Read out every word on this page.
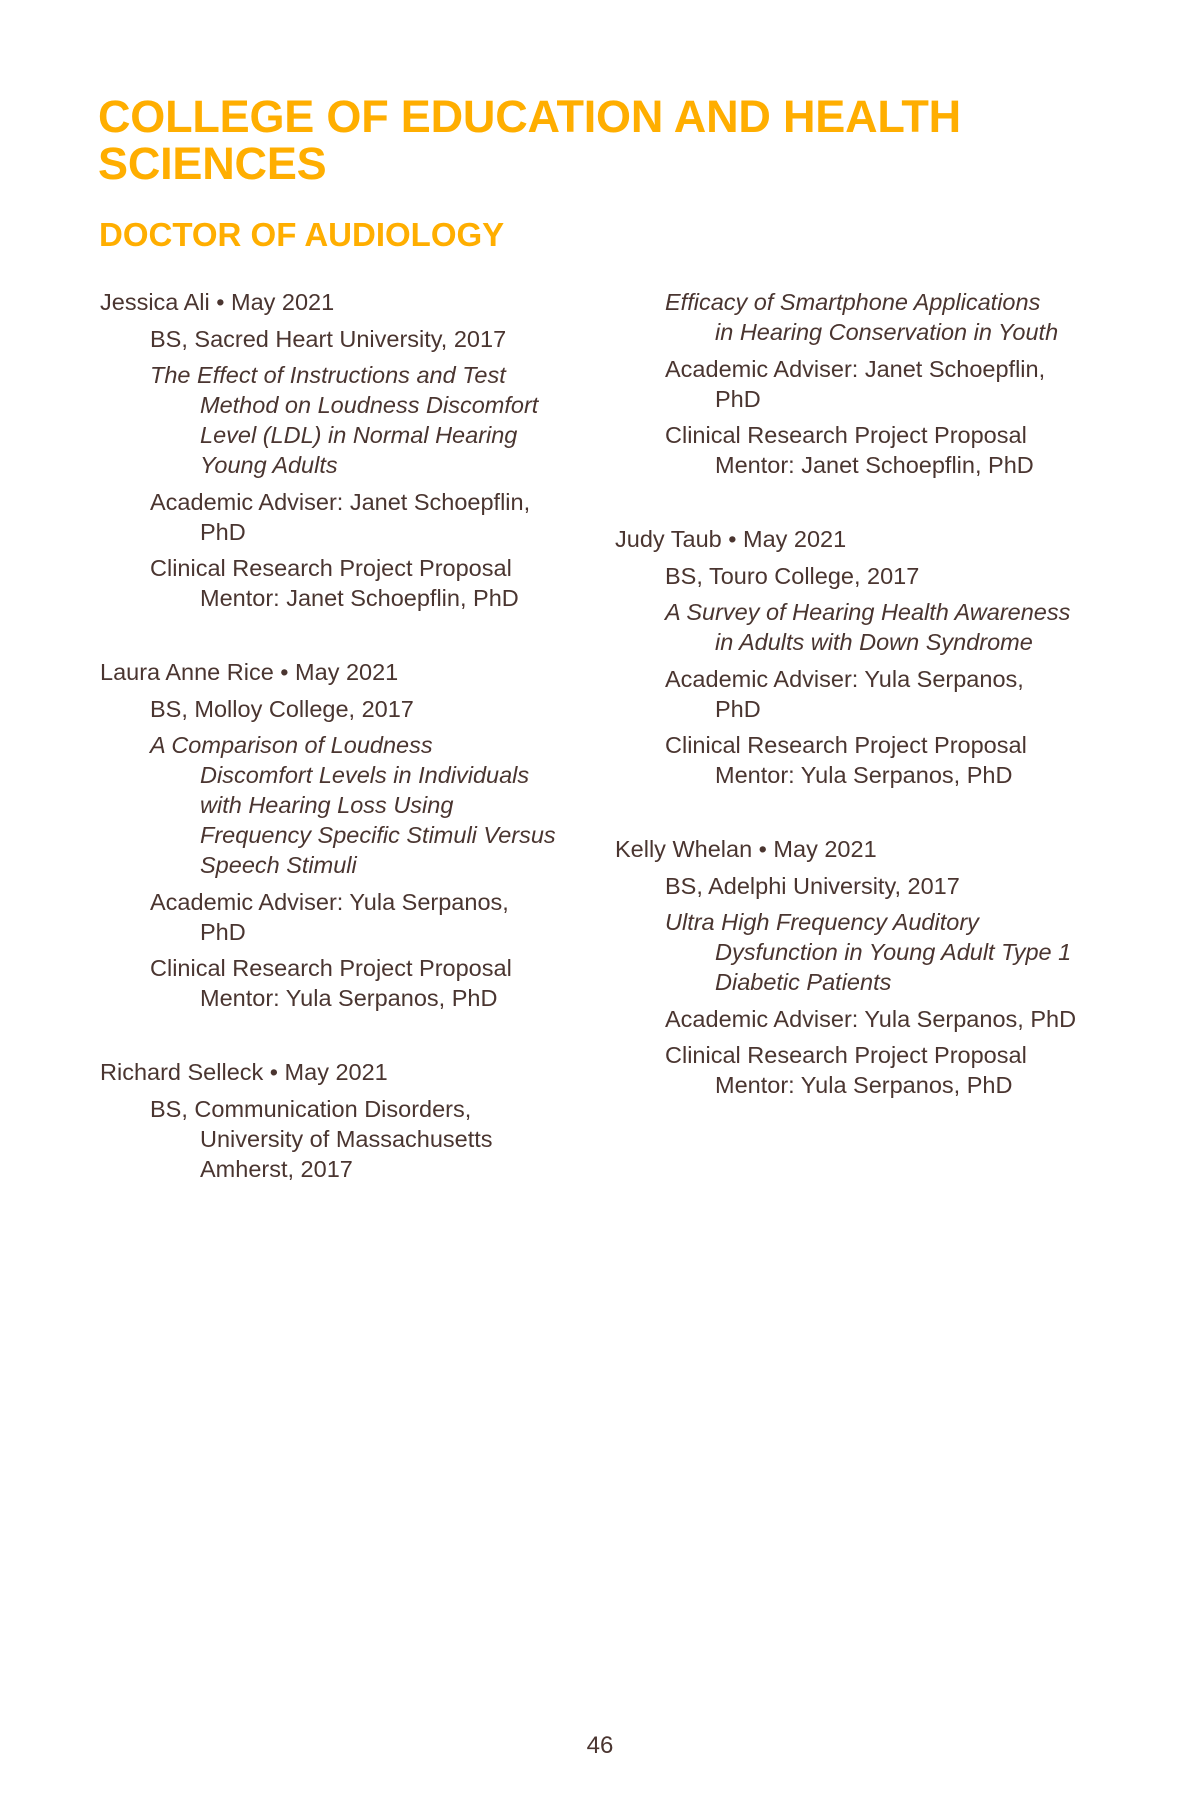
COLLEGE OF EDUCATION AND HEALTH
SCIENCES
DOCTOR OF AUDIOLOGY
Jessica Ali • May 2021
BS, Sacred Heart University, 2017
The Effect of Instructions and Test
Method on Loudness Discomfort
Level (LDL) in Normal Hearing
Young Adults
Academic Adviser: Janet Schoepflin,
PhD
Clinical Research Project Proposal
Mentor: Janet Schoepflin, PhD
Laura Anne Rice • May 2021
BS, Molloy College, 2017
A Comparison of Loudness
Discomfort Levels in Individuals
with Hearing Loss Using
Frequency Specific Stimuli Versus
Speech Stimuli
Academic Adviser: Yula Serpanos,
PhD
Clinical Research Project Proposal
Mentor: Yula Serpanos, PhD
Richard Selleck • May 2021
BS, Communication Disorders,
University of Massachusetts
Amherst, 2017
Efficacy of Smartphone Applications
in Hearing Conservation in Youth
Academic Adviser: Janet Schoepflin,
PhD
Clinical Research Project Proposal
Mentor: Janet Schoepflin, PhD
Judy Taub • May 2021
BS, Touro College, 2017
A Survey of Hearing Health Awareness
in Adults with Down Syndrome
Academic Adviser: Yula Serpanos,
PhD
Clinical Research Project Proposal
Mentor: Yula Serpanos, PhD
Kelly Whelan • May 2021
BS, Adelphi University, 2017
Ultra High Frequency Auditory
Dysfunction in Young Adult Type 1
Diabetic Patients
Academic Adviser: Yula Serpanos, PhD
Clinical Research Project Proposal
Mentor: Yula Serpanos, PhD
46
